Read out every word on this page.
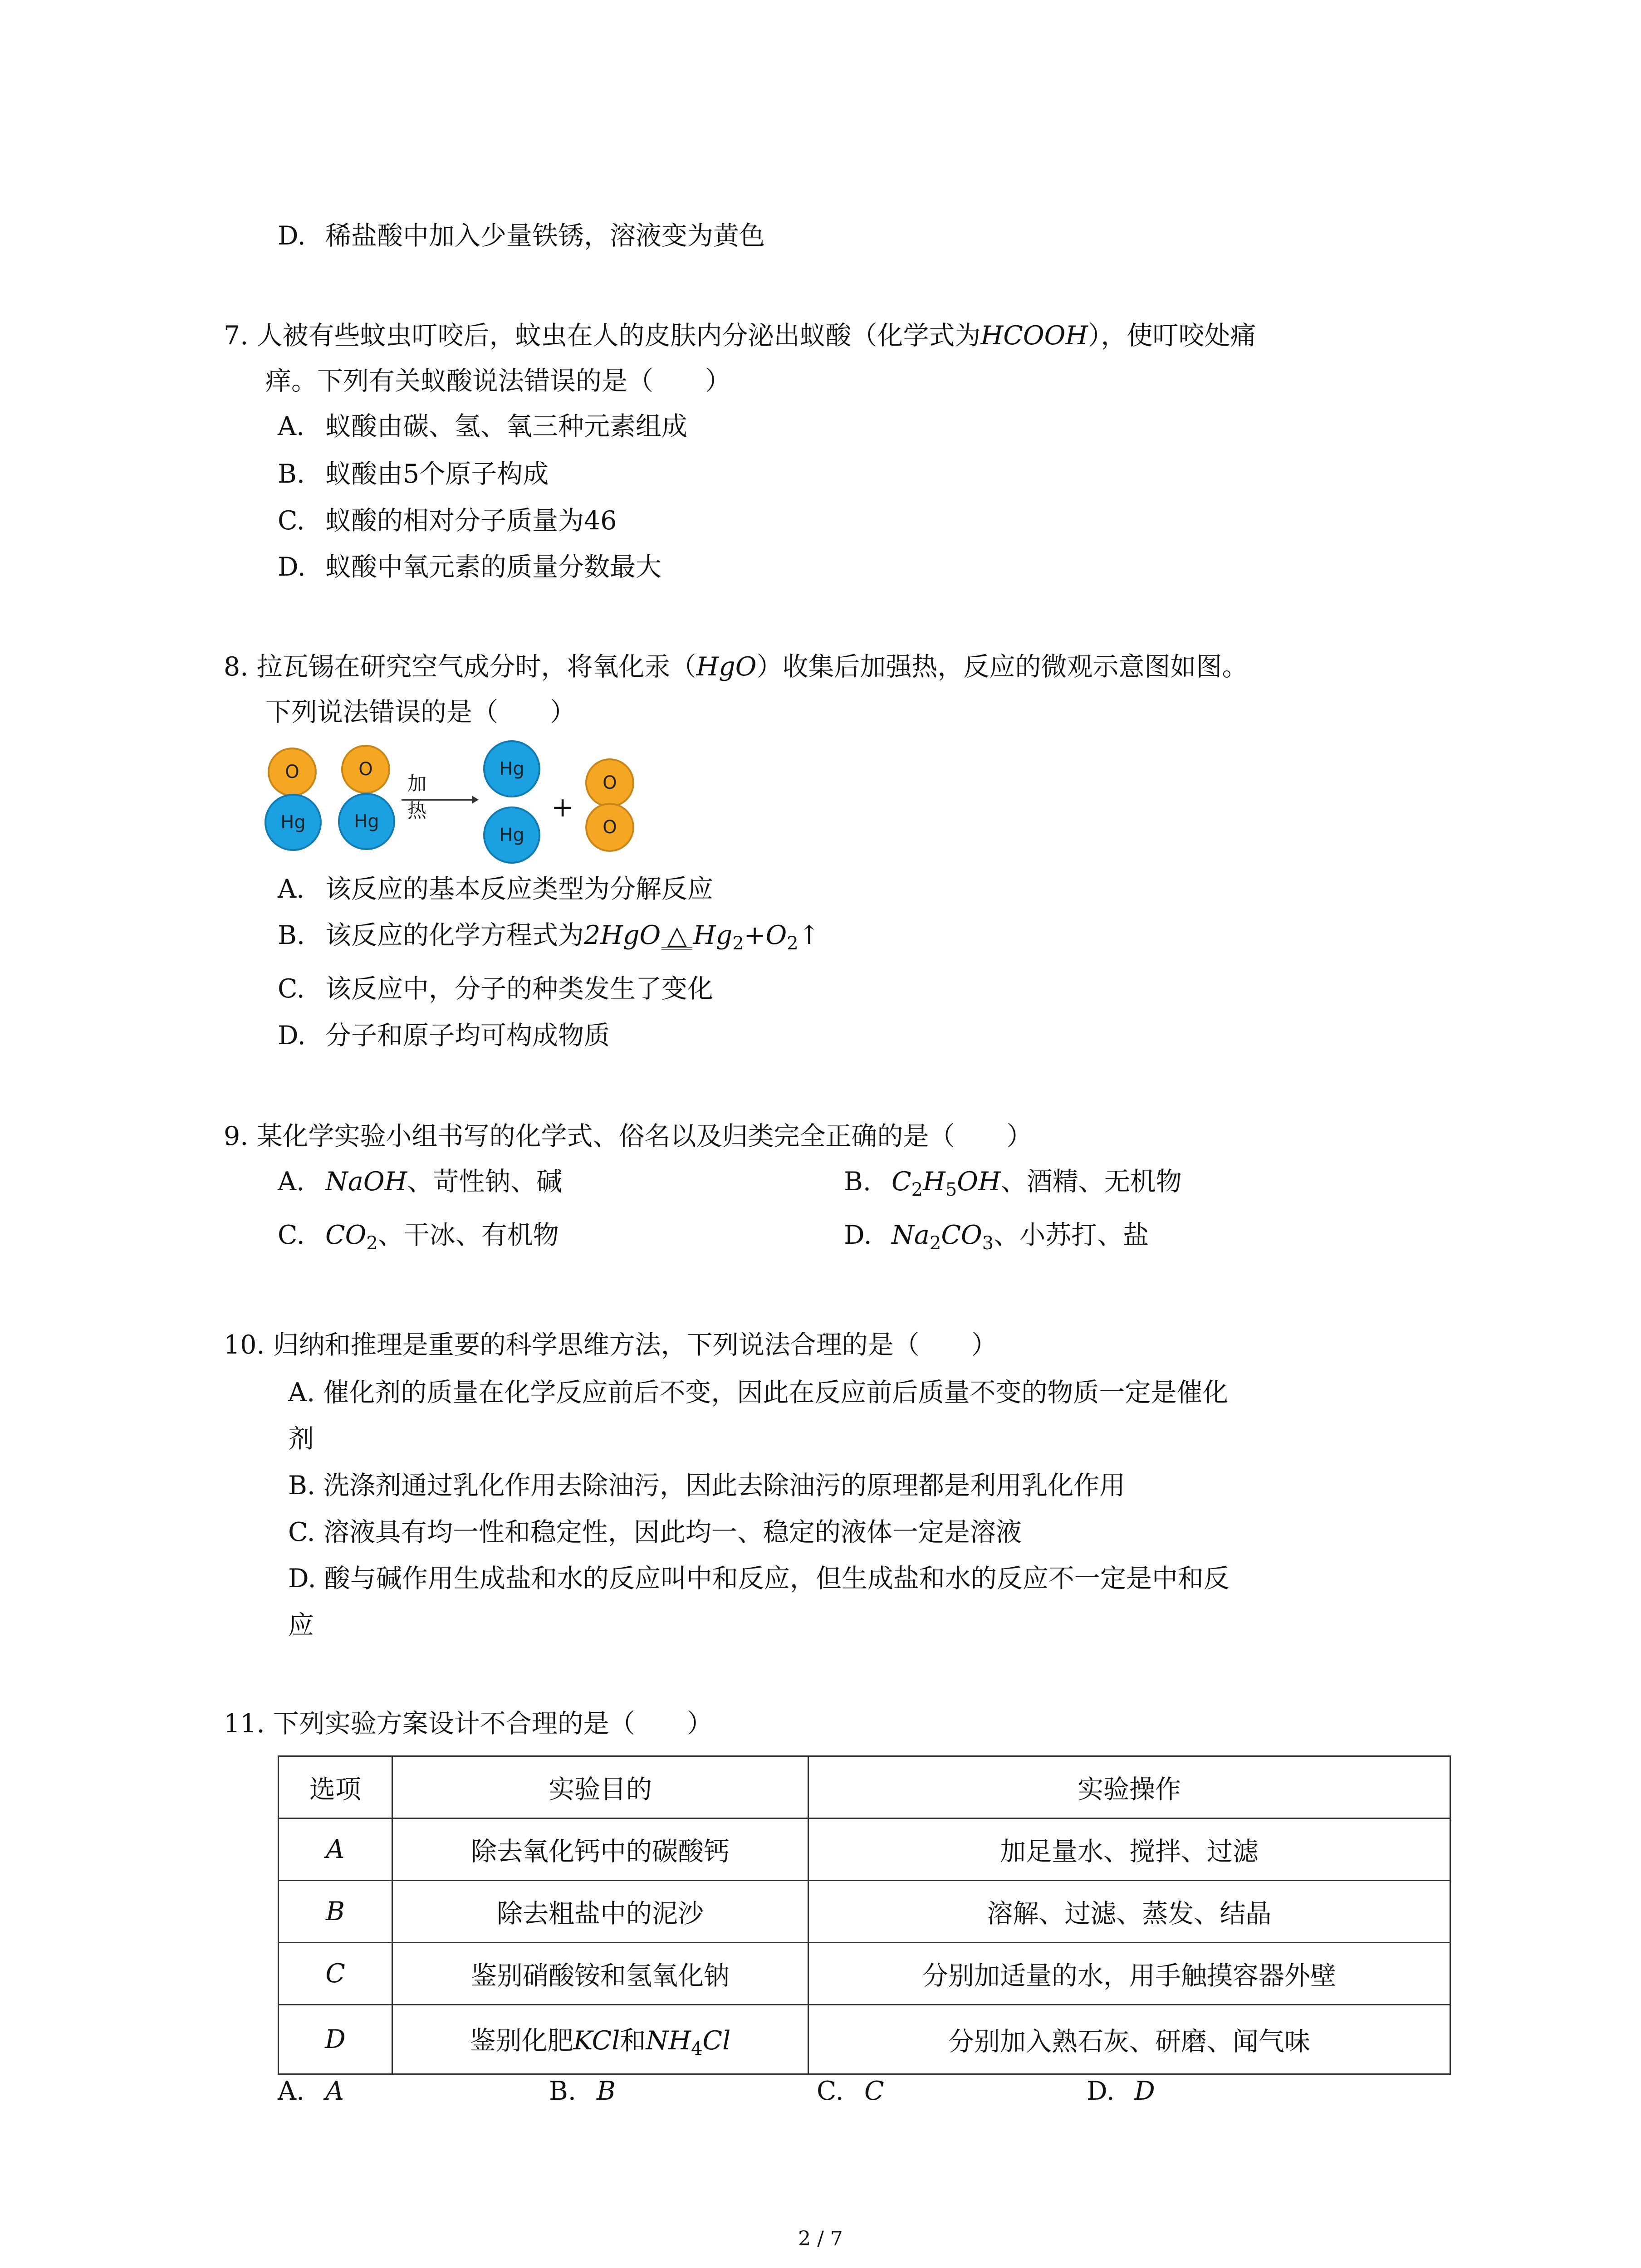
D. 稀盐酸中加入少量铁锈，溶液变为黄色
7. 人被有些蚊虫叮咬后，蚊虫在人的皮肤内分泌出蚁酸（化学式为HCOOH），使叮咬处痛
痒。下列有关蚁酸说法错误的是（　　）
A. 蚁酸由碳、氢、氧三种元素组成
B. 蚁酸由5个原子构成
C. 蚁酸的相对分子质量为46
D. 蚁酸中氧元素的质量分数最大
8. 拉瓦锡在研究空气成分时，将氧化汞（HgO）收集后加强热，反应的微观示意图如图。
下列说法错误的是（　　）
O
Hg
O
Hg
加热
Hg
Hg
+
O
O
A. 该反应的基本反应类型为分解反应
B. 该反应的化学方程式为2HgO △ $Hg_2+O_2↑$
C. 该反应中，分子的种类发生了变化
D. 分子和原子均可构成物质
9. 某化学实验小组书写的化学式、俗名以及归类完全正确的是（　　）
A. NaOH、苛性钠、碱	B. $C_2H_5OH$、酒精、无机物
C. $CO_2$、干冰、有机物	D. $Na_2CO_3$、小苏打、盐
10. 归纳和推理是重要的科学思维方法，下列说法合理的是（　　）
A. 催化剂的质量在化学反应前后不变，因此在反应前后质量不变的物质一定是催化
剂
B. 洗涤剂通过乳化作用去除油污，因此去除油污的原理都是利用乳化作用
C. 溶液具有均一性和稳定性，因此均一、稳定的液体一定是溶液
D. 酸与碱作用生成盐和水的反应叫中和反应，但生成盐和水的反应不一定是中和反
应
11. 下列实验方案设计不合理的是（　　）
选项	实验目的	实验操作
A	除去氧化钙中的碳酸钙	加足量水、搅拌、过滤
B	除去粗盐中的泥沙	溶解、过滤、蒸发、结晶
C	鉴别硝酸铵和氢氧化钠	分别加适量的水，用手触摸容器外壁
D	鉴别化肥KCl和$NH_4Cl$	分别加入熟石灰、研磨、闻气味
A. A	B. B	C. C	D. D
2 / 7
